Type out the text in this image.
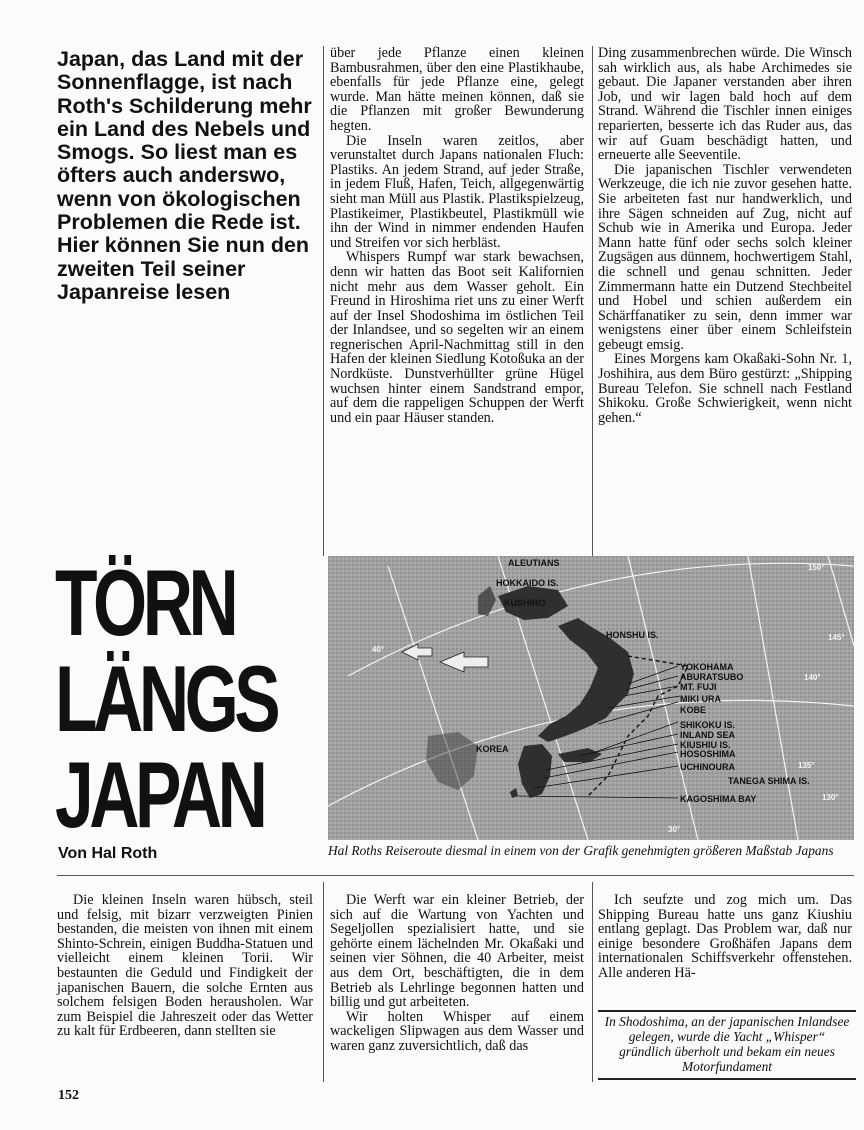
Japan, das Land mit der Sonnenflagge, ist nach Roth's Schilderung mehr ein Land des Nebels und Smogs. So liest man es öfters auch anderswo, wenn von ökologischen Problemen die Rede ist. Hier können Sie nun den zweiten Teil seiner Japanreise lesen
TÖRN
LÄNGS
JAPAN
Von Hal Roth

über jede Pflanze einen kleinen Bambusrahmen, über den eine Plastikhaube, ebenfalls für jede Pflanze eine, gelegt wurde. Man hätte meinen können, daß sie die Pflanzen mit großer Bewunderung hegten.

Die Inseln waren zeitlos, aber verunstaltet durch Japans nationalen Fluch: Plastiks. An jedem Strand, auf jeder Straße, in jedem Fluß, Hafen, Teich, allgegenwärtig sieht man Müll aus Plastik. Plastikspielzeug, Plastikeimer, Plastikbeutel, Plastikmüll wie ihn der Wind in nimmer endenden Haufen und Streifen vor sich herbläst.

Whispers Rumpf war stark bewachsen, denn wir hatten das Boot seit Kalifornien nicht mehr aus dem Wasser geholt. Ein Freund in Hiroshima riet uns zu einer Werft auf der Insel Shodoshima im östlichen Teil der Inlandsee, und so segelten wir an einem regnerischen April-Nachmittag still in den Hafen der kleinen Siedlung Kotoßuka an der Nordküste. Dunstverhüllter grüne Hügel wuchsen hinter einem Sandstrand empor, auf dem die rappeligen Schuppen der Werft und ein paar Häuser standen.

Ding zusammenbrechen würde. Die Winsch sah wirklich aus, als habe Archimedes sie gebaut. Die Japaner verstanden aber ihren Job, und wir lagen bald hoch auf dem Strand. Während die Tischler innen einiges reparierten, besserte ich das Ruder aus, das wir auf Guam beschädigt hatten, und erneuerte alle Seeventile.

Die japanischen Tischler verwendeten Werkzeuge, die ich nie zuvor gesehen hatte. Sie arbeiteten fast nur handwerklich, und ihre Sägen schneiden auf Zug, nicht auf Schub wie in Amerika und Europa. Jeder Mann hatte fünf oder sechs solch kleiner Zugsägen aus dünnem, hochwertigem Stahl, die schnell und genau schnitten. Jeder Zimmermann hatte ein Dutzend Stechbeitel und Hobel und schien außerdem ein Schärffanatiker zu sein, denn immer war wenigstens einer über einem Schleifstein gebeugt emsig.

Eines Morgens kam Okaßaki-Sohn Nr. 1, Joshihira, aus dem Büro gestürzt: „Shipping Bureau Telefon. Sie schnell nach Festland Shikoku. Große Schwierigkeit, wenn nicht gehen.“

ALEUTIANS
HOKKAIDO IS.
KUSHIRO
HONSHU IS.
YOKOHAMA
ABURATSUBO
MT. FUJI
MIKI URA
KOBE
SHIKOKU IS.
INLAND SEA
KIUSHIU IS.
HOSOSHIMA
UCHINOURA
TANEGA SHIMA IS.
KAGOSHIMA BAY
KOREA
150°
145°
140°
135°
130°
40°
30°
Hal Roths Reiseroute diesmal in einem von der Grafik genehmigten größeren Maßstab Japans

Die kleinen Inseln waren hübsch, steil und felsig, mit bizarr verzweigten Pinien bestanden, die meisten von ihnen mit einem Shinto-Schrein, einigen Buddha-Statuen und vielleicht einem kleinen Torii. Wir bestaunten die Geduld und Findigkeit der japanischen Bauern, die solche Ernten aus solchem felsigen Boden herausholen. War zum Beispiel die Jahreszeit oder das Wetter zu kalt für Erdbeeren, dann stellten sie

Die Werft war ein kleiner Betrieb, der sich auf die Wartung von Yachten und Segeljollen spezialisiert hatte, und sie gehörte einem lächelnden Mr. Okaßaki und seinen vier Söhnen, die 40 Arbeiter, meist aus dem Ort, beschäftigten, die in dem Betrieb als Lehrlinge begonnen hatten und billig und gut arbeiteten.

Wir holten Whisper auf einem wackeligen Slipwagen aus dem Wasser und waren ganz zuversichtlich, daß das

Ich seufzte und zog mich um. Das Shipping Bureau hatte uns ganz Kiushiu entlang geplagt. Das Problem war, daß nur einige besondere Großhäfen Japans dem internationalen Schiffsverkehr offenstehen. Alle anderen Hä-

In Shodoshima, an der japanischen Inlandsee gelegen, wurde die Yacht „Whisper“ gründlich überholt und bekam ein neues Motorfundament
152
